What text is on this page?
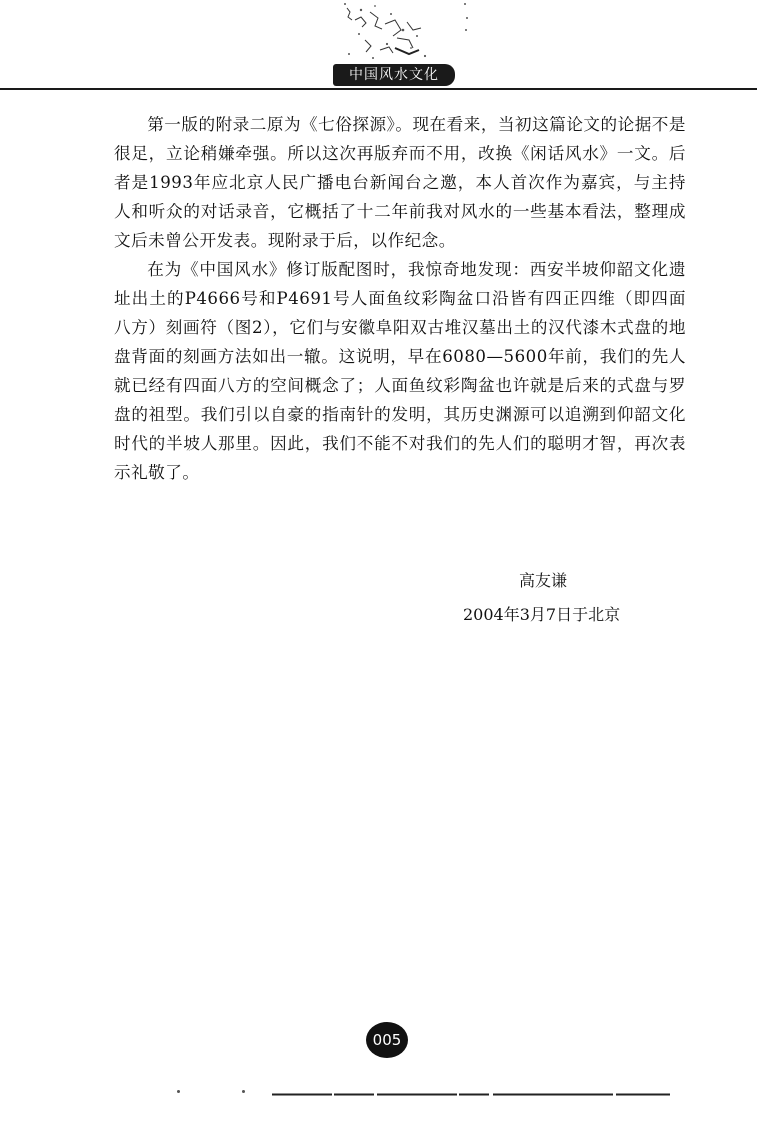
中国风水文化

第一版的附录二原为《七俗探源》。现在看来，当初这篇论文的论据不是很足，立论稍嫌牵强。所以这次再版弃而不用，改换《闲话风水》一文。后者是1993年应北京人民广播电台新闻台之邀，本人首次作为嘉宾，与主持人和听众的对话录音，它概括了十二年前我对风水的一些基本看法，整理成文后未曾公开发表。现附录于后，以作纪念。

在为《中国风水》修订版配图时，我惊奇地发现：西安半坡仰韶文化遗址出土的P4666号和P4691号人面鱼纹彩陶盆口沿皆有四正四维（即四面八方）刻画符（图2），它们与安徽阜阳双古堆汉墓出土的汉代漆木式盘的地盘背面的刻画方法如出一辙。这说明，早在6080—5600年前，我们的先人就已经有四面八方的空间概念了；人面鱼纹彩陶盆也许就是后来的式盘与罗盘的祖型。我们引以自豪的指南针的发明，其历史渊源可以追溯到仰韶文化时代的半坡人那里。因此，我们不能不对我们的先人们的聪明才智，再次表示礼敬了。

高友谦
2004年3月7日于北京
005
